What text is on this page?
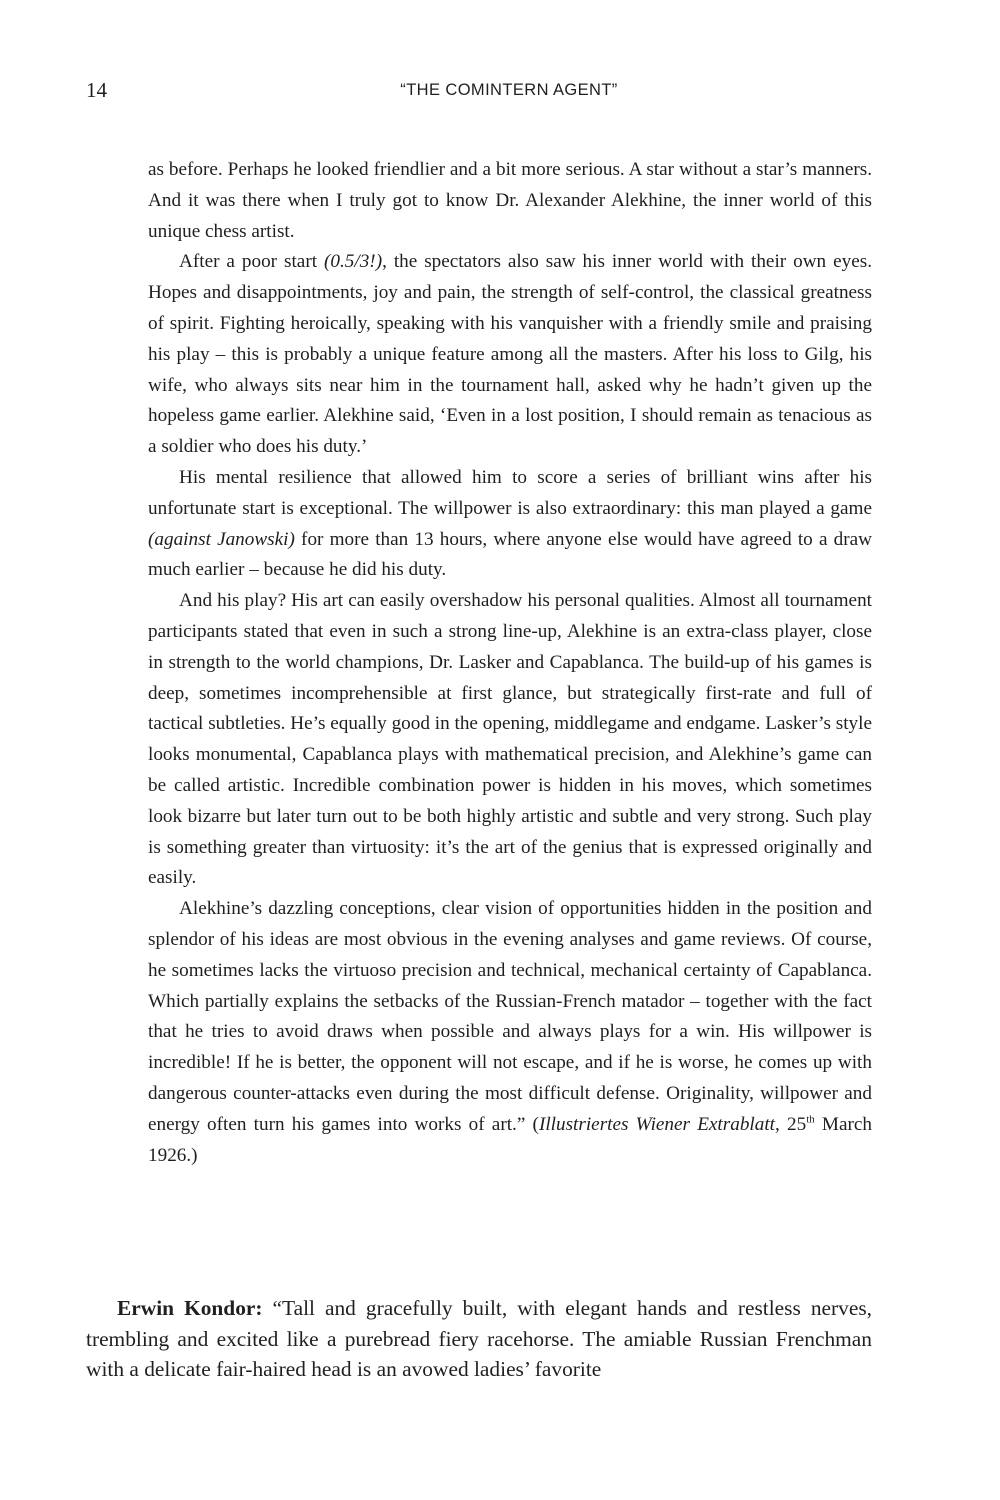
14	“THE COMINTERN AGENT”

as before. Perhaps he looked friendlier and a bit more serious. A star without a star’s manners. And it was there when I truly got to know Dr. Alexander Alekhine, the inner world of this unique chess artist.

After a poor start (0.5/3!), the spectators also saw his inner world with their own eyes. Hopes and disappointments, joy and pain, the strength of self-control, the classical greatness of spirit. Fighting heroically, speaking with his vanquisher with a friendly smile and praising his play – this is probably a unique feature among all the masters. After his loss to Gilg, his wife, who always sits near him in the tournament hall, asked why he hadn’t given up the hopeless game earlier. Alekhine said, ‘Even in a lost position, I should remain as tenacious as a soldier who does his duty.’

His mental resilience that allowed him to score a series of brilliant wins after his unfortunate start is exceptional. The willpower is also extraordinary: this man played a game (against Janowski) for more than 13 hours, where anyone else would have agreed to a draw much earlier – because he did his duty.

And his play? His art can easily overshadow his personal qualities. Almost all tournament participants stated that even in such a strong line-up, Alekhine is an extra-class player, close in strength to the world champions, Dr. Lasker and Capablanca. The build-up of his games is deep, sometimes incomprehensible at first glance, but strategically first-rate and full of tactical subtleties. He’s equally good in the opening, middlegame and endgame. Lasker’s style looks monumental, Capablanca plays with mathematical precision, and Alekhine’s game can be called artistic. Incredible combination power is hidden in his moves, which sometimes look bizarre but later turn out to be both highly artistic and subtle and very strong. Such play is something greater than virtuosity: it’s the art of the genius that is expressed originally and easily.

Alekhine’s dazzling conceptions, clear vision of opportunities hidden in the position and splendor of his ideas are most obvious in the evening analyses and game reviews. Of course, he sometimes lacks the virtuoso precision and technical, mechanical certainty of Capablanca. Which partially explains the setbacks of the Russian-French matador – together with the fact that he tries to avoid draws when possible and always plays for a win. His willpower is incredible! If he is better, the opponent will not escape, and if he is worse, he comes up with dangerous counter-attacks even during the most difficult defense. Originality, willpower and energy often turn his games into works of art.” (Illustriertes Wiener Extrablatt, 25th March 1926.)

Erwin Kondor: “Tall and gracefully built, with elegant hands and restless nerves, trembling and excited like a purebread fiery racehorse. The amiable Russian Frenchman with a delicate fair-haired head is an avowed ladies’ favorite
